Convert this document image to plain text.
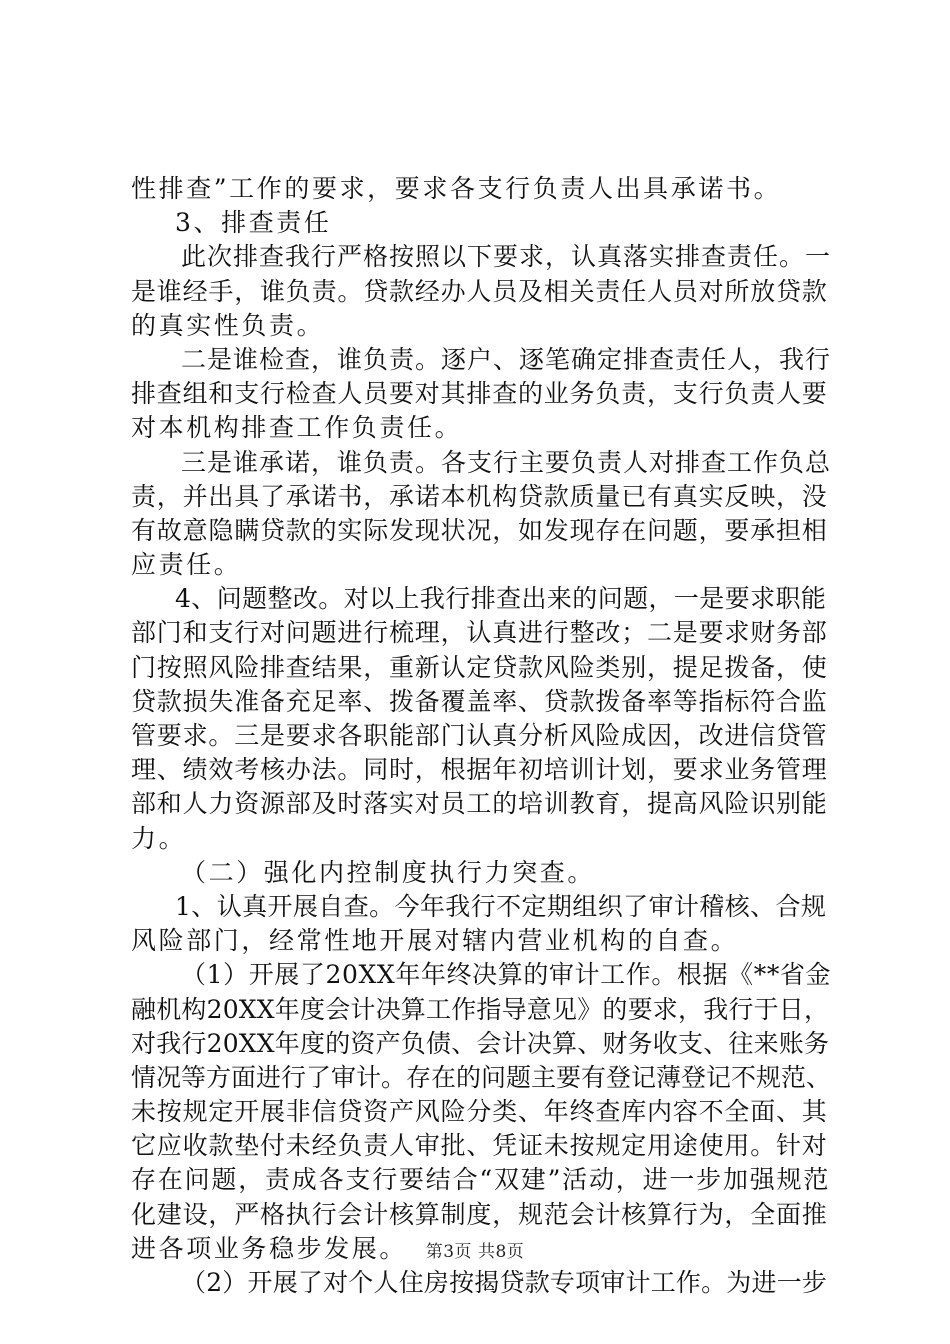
性排查”工作的要求，要求各支行负责人出具承诺书。
3、排查责任
此次排查我行严格按照以下要求，认真落实排查责任。一
是谁经手，谁负责。贷款经办人员及相关责任人员对所放贷款
的真实性负责。
二是谁检查，谁负责。逐户、逐笔确定排查责任人，我行
排查组和支行检查人员要对其排查的业务负责，支行负责人要
对本机构排查工作负责任。
三是谁承诺，谁负责。各支行主要负责人对排查工作负总
责，并出具了承诺书，承诺本机构贷款质量已有真实反映，没
有故意隐瞒贷款的实际发现状况，如发现存在问题，要承担相
应责任。
4、问题整改。对以上我行排查出来的问题，一是要求职能
部门和支行对问题进行梳理，认真进行整改；二是要求财务部
门按照风险排查结果，重新认定贷款风险类别，提足拨备，使
贷款损失准备充足率、拨备覆盖率、贷款拨备率等指标符合监
管要求。三是要求各职能部门认真分析风险成因，改进信贷管
理、绩效考核办法。同时，根据年初培训计划，要求业务管理
部和人力资源部及时落实对员工的培训教育，提高风险识别能
力。
（二）强化内控制度执行力突查。
1、认真开展自查。今年我行不定期组织了审计稽核、合规
风险部门，经常性地开展对辖内营业机构的自查。
（1）开展了20XX年年终决算的审计工作。根据《**省金
融机构20XX年度会计决算工作指导意见》的要求，我行于日，
对我行20XX年度的资产负债、会计决算、财务收支、往来账务
情况等方面进行了审计。存在的问题主要有登记薄登记不规范、
未按规定开展非信贷资产风险分类、年终查库内容不全面、其
它应收款垫付未经负责人审批、凭证未按规定用途使用。针对
存在问题，责成各支行要结合“双建”活动，进一步加强规范
化建设，严格执行会计核算制度，规范会计核算行为，全面推
进各项业务稳步发展。
（2）开展了对个人住房按揭贷款专项审计工作。为进一步
第3页 共8页
